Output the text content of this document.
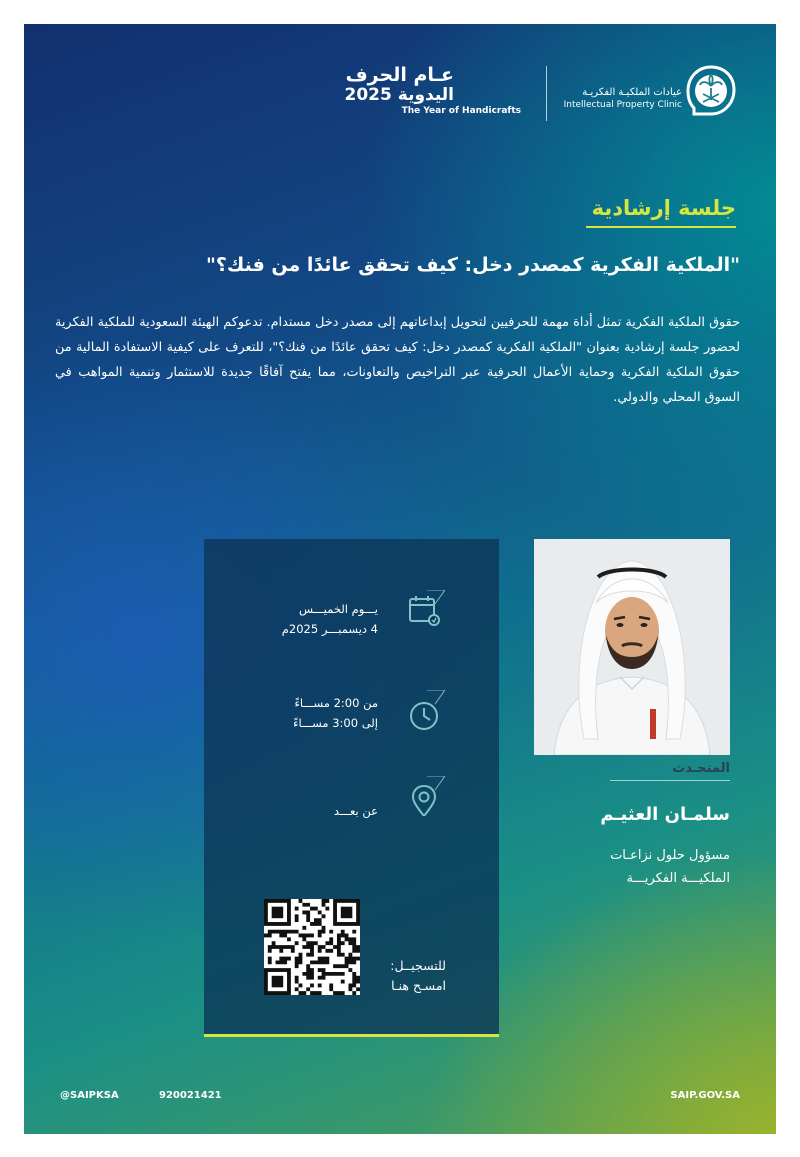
عـام الحرف
اليدوية 2025
The Year of Handicrafts
عيادات الملكيـة الفكريـة
Intellectual Property Clinic
جلسة إرشادية
"الملكية الفكرية كمصدر دخل: كيف تحقق عائدًا من فنك؟"
حقوق الملكية الفكرية تمثل أداة مهمة للحرفيين لتحويل إبداعاتهم إلى مصدر دخل مستدام. تدعوكم الهيئة السعودية للملكية الفكرية لحضور جلسة إرشادية بعنوان "الملكية الفكرية كمصدر دخل: كيف تحقق عائدًا من فنك؟"، للتعرف على كيفية الاستفادة المالية من حقوق الملكية الفكرية وحماية الأعمال الحرفية عبر التراخيص والتعاونات، مما يفتح آفاقًا جديدة للاستثمار وتنمية المواهب في السوق المحلي والدولي.
يـــوم الخميـــس
4 ديسمبـــر 2025م
من 2:00 مســـاءً
إلى 3:00 مســـاءً
عن بعـــد
للتسجيــل:
امسـح هنـا
المتحـدث
سلمـان العثيـم
مسؤول حلول نزاعـات
الملكيـــة الفكريـــة
@SAIPKSA	920021421	SAIP.GOV.SA
